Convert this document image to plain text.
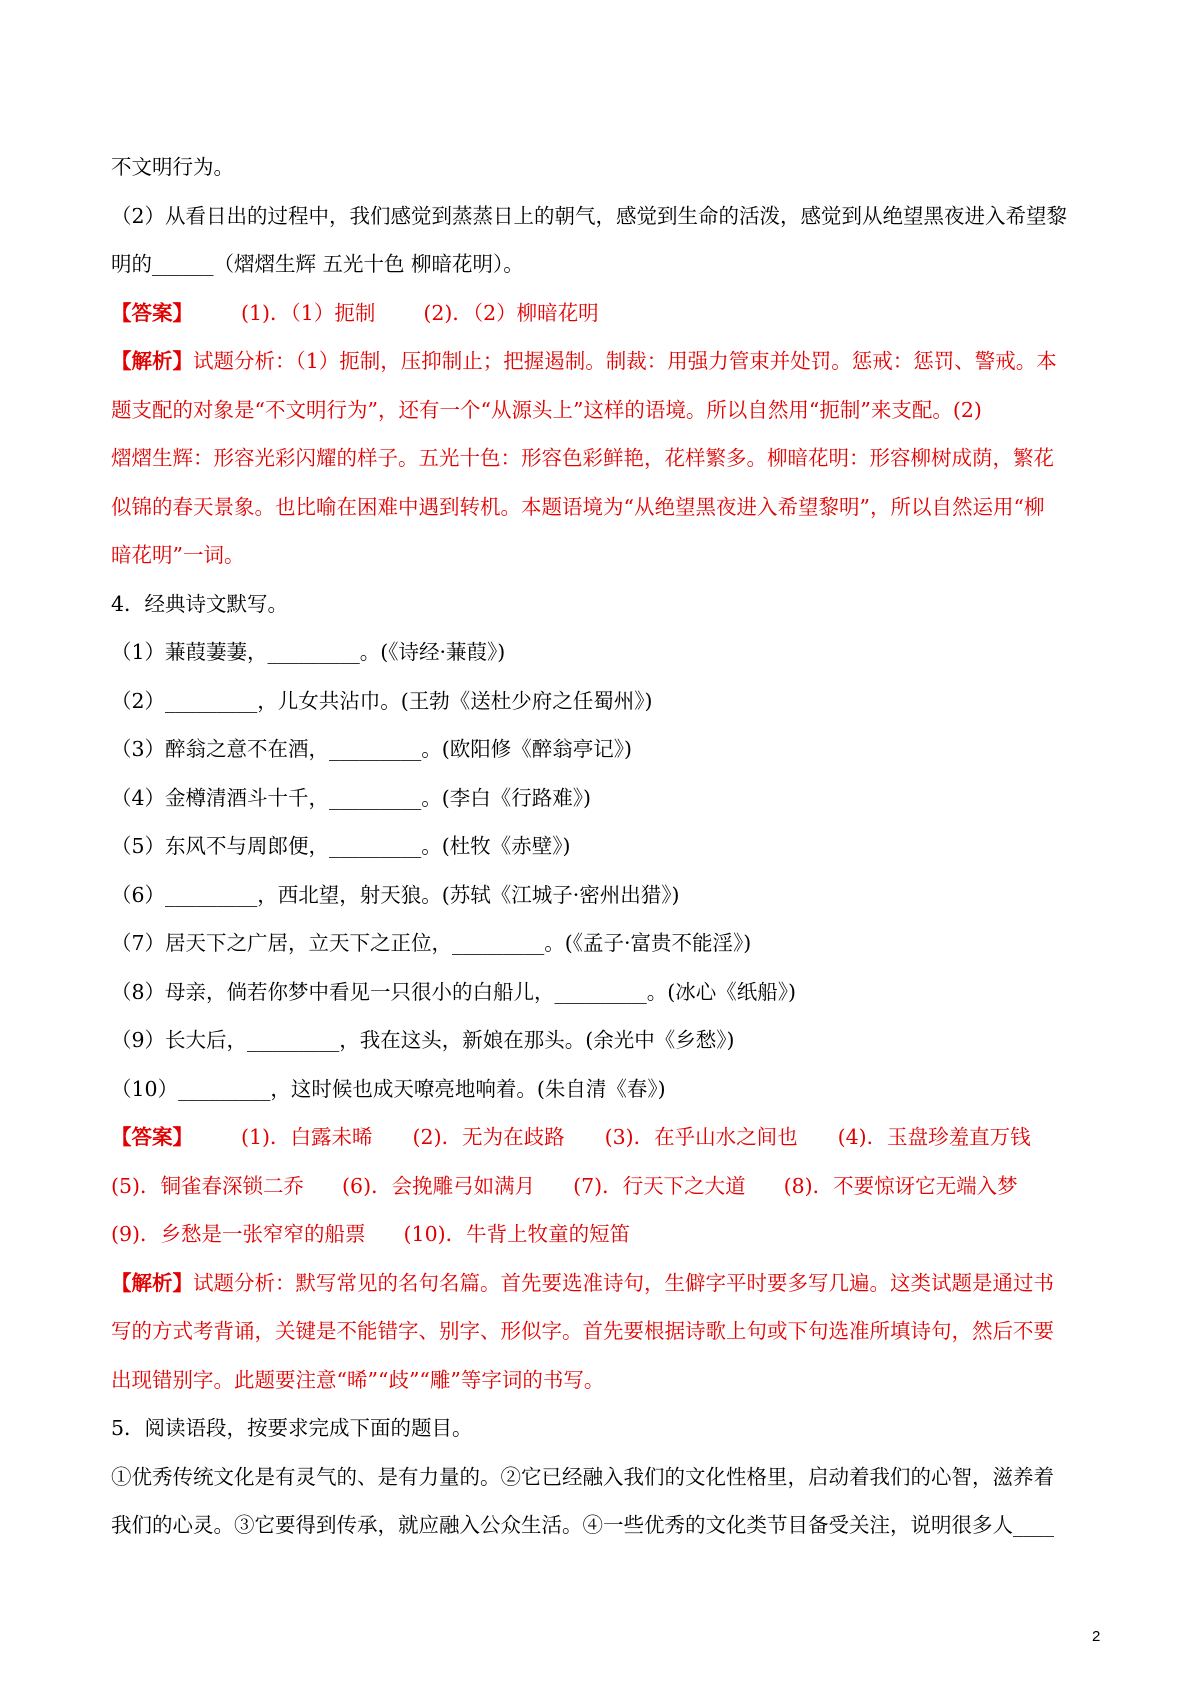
不文明行为。
（2）从看日出的过程中，我们感觉到蒸蒸日上的朝气，感觉到生命的活泼，感觉到从绝望黑夜进入希望黎
明的______（熠熠生辉 五光十色 柳暗花明）。
【答案】 (1)．（1）扼制 (2)．（2）柳暗花明
【解析】试题分析：（1）扼制，压抑制止；把握遏制。制裁：用强力管束并处罚。惩戒：惩罚、警戒。本
题支配的对象是“不文明行为”，还有一个“从源头上”这样的语境。所以自然用“扼制”来支配。(2)
熠熠生辉：形容光彩闪耀的样子。五光十色：形容色彩鲜艳，花样繁多。柳暗花明：形容柳树成荫，繁花
似锦的春天景象。也比喻在困难中遇到转机。本题语境为“从绝望黑夜进入希望黎明”，所以自然运用“柳
暗花明”一词。
4．经典诗文默写。
（1）蒹葭萋萋，_________。(《诗经·蒹葭》)
（2）_________，儿女共沾巾。(王勃《送杜少府之任蜀州》)
（3）醉翁之意不在酒，_________。(欧阳修《醉翁亭记》)
（4）金樽清酒斗十千，_________。(李白《行路难》)
（5）东风不与周郎便，_________。(杜牧《赤壁》)
（6）_________，西北望，射天狼。(苏轼《江城子·密州出猎》)
（7）居天下之广居，立天下之正位，_________。(《孟子·富贵不能淫》)
（8）母亲，倘若你梦中看见一只很小的白船儿，_________。(冰心《纸船》)
（9）长大后，_________，我在这头，新娘在那头。(余光中《乡愁》)
（10）_________，这时候也成天嘹亮地响着。(朱自清《春》)
【答案】 (1)．白露未晞 (2)．无为在歧路 (3)．在乎山水之间也 (4)．玉盘珍羞直万钱
(5)．铜雀春深锁二乔 (6)．会挽雕弓如满月 (7)．行天下之大道 (8)．不要惊讶它无端入梦
(9)．乡愁是一张窄窄的船票 (10)．牛背上牧童的短笛
【解析】试题分析：默写常见的名句名篇。首先要选准诗句，生僻字平时要多写几遍。这类试题是通过书
写的方式考背诵，关键是不能错字、别字、形似字。首先要根据诗歌上句或下句选准所填诗句，然后不要
出现错别字。此题要注意“晞”“歧”“雕”等字词的书写。
5．阅读语段，按要求完成下面的题目。
①优秀传统文化是有灵气的、是有力量的。②它已经融入我们的文化性格里，启动着我们的心智，滋养着
我们的心灵。③它要得到传承，就应融入公众生活。④一些优秀的文化类节目备受关注，说明很多人____
2
